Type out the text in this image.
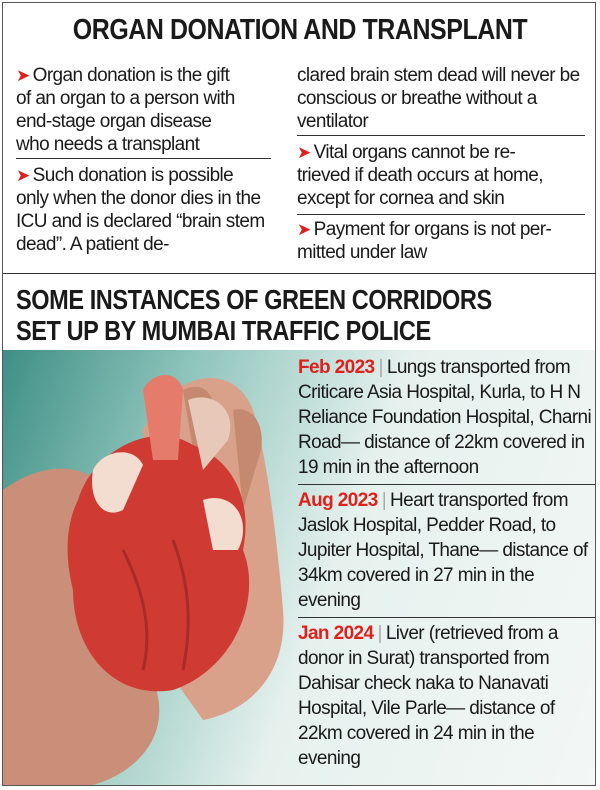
ORGAN DONATION AND TRANSPLANT

➤ Organ donation is the gift of an organ to a person with end-stage organ disease who needs a transplant

➤ Such donation is possible only when the donor dies in the ICU and is declared “brain stem dead”. A patient de-

clared brain stem dead will never be conscious or breathe without a ventilator

➤ Vital organs cannot be re-trieved if death occurs at home, except for cornea and skin

➤ Payment for organs is not per-mitted under law

SOME INSTANCES OF GREEN CORRIDORS SET UP BY MUMBAI TRAFFIC POLICE
Feb 2023 | Lungs transported from Criticare Asia Hospital, Kurla, to H N Reliance Foundation Hospital, Charni Road— distance of 22km covered in 19 min in the afternoon
Aug 2023 | Heart transported from Jaslok Hospital, Pedder Road, to Jupiter Hospital, Thane— distance of 34km covered in 27 min in the evening
Jan 2024 | Liver (retrieved from a donor in Surat) transported from Dahisar check naka to Nanavati Hospital, Vile Parle— distance of 22km covered in 24 min in the evening
